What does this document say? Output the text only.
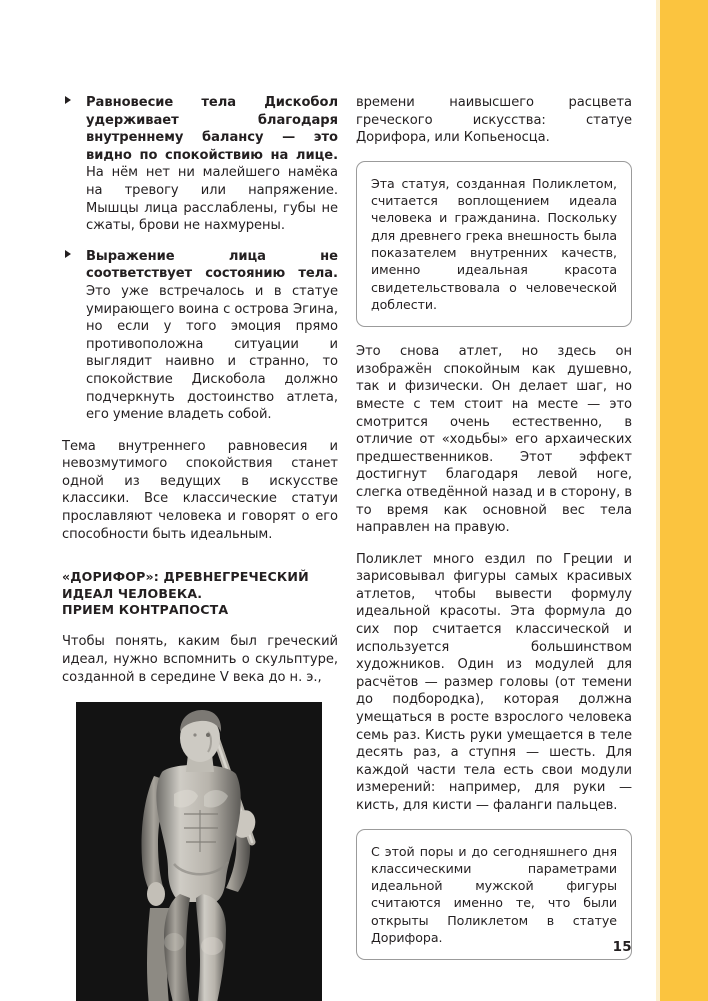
Равновесие тела Дискобол удерживает благодаря внутреннему балансу — это видно по спокойствию на лице. На нём нет ни малейшего намёка на тревогу или напряжение. Мышцы лица расслаблены, губы не сжаты, брови не нахмурены.
Выражение лица не соответствует состоянию тела. Это уже встречалось и в статуе умирающего воина с острова Эгина, но если у того эмоция прямо противоположна ситуации и выглядит наивно и странно, то спокойствие Дискобола должно подчеркнуть достоинство атлета, его умение владеть собой.

Тема внутреннего равновесия и невозмутимого спокойствия станет одной из ведущих в искусстве классики. Все классические статуи прославляют человека и говорят о его способности быть идеальным.

«ДОРИФОР»: ДРЕВНЕГРЕЧЕСКИЙ ИДЕАЛ ЧЕЛОВЕКА.
ПРИЕМ КОНТРАПОСТА

Чтобы понять, каким был греческий идеал, нужно вспомнить о скульптуре, созданной в середине V века до н. э.,

времени наивысшего расцвета греческого искусства: статуе Дорифора, или Копьеносца.

Эта статуя, созданная Поликлетом, считается воплощением идеала человека и гражданина. Поскольку для древнего грека внешность была показателем внутренних качеств, именно идеальная красота свидетельствовала о человеческой доблести.

Это снова атлет, но здесь он изображён спокойным как душевно, так и физически. Он делает шаг, но вместе с тем стоит на месте — это смотрится очень естественно, в отличие от «ходьбы» его архаических предшественников. Этот эффект достигнут благодаря левой ноге, слегка отведённой назад и в сторону, в то время как основной вес тела направлен на правую.

Поликлет много ездил по Греции и зарисовывал фигуры самых красивых атлетов, чтобы вывести формулу идеальной красоты. Эта формула до сих пор считается классической и используется большинством художников. Один из модулей для расчётов — размер головы (от темени до подбородка), которая должна умещаться в росте взрослого человека семь раз. Кисть руки умещается в теле десять раз, а ступня — шесть. Для каждой части тела есть свои модули измерений: например, для руки — кисть, для кисти — фаланги пальцев.

С этой поры и до сегодняшнего дня классическими параметрами идеальной мужской фигуры считаются именно те, что были открыты Поликлетом в статуе Дорифора.

15
